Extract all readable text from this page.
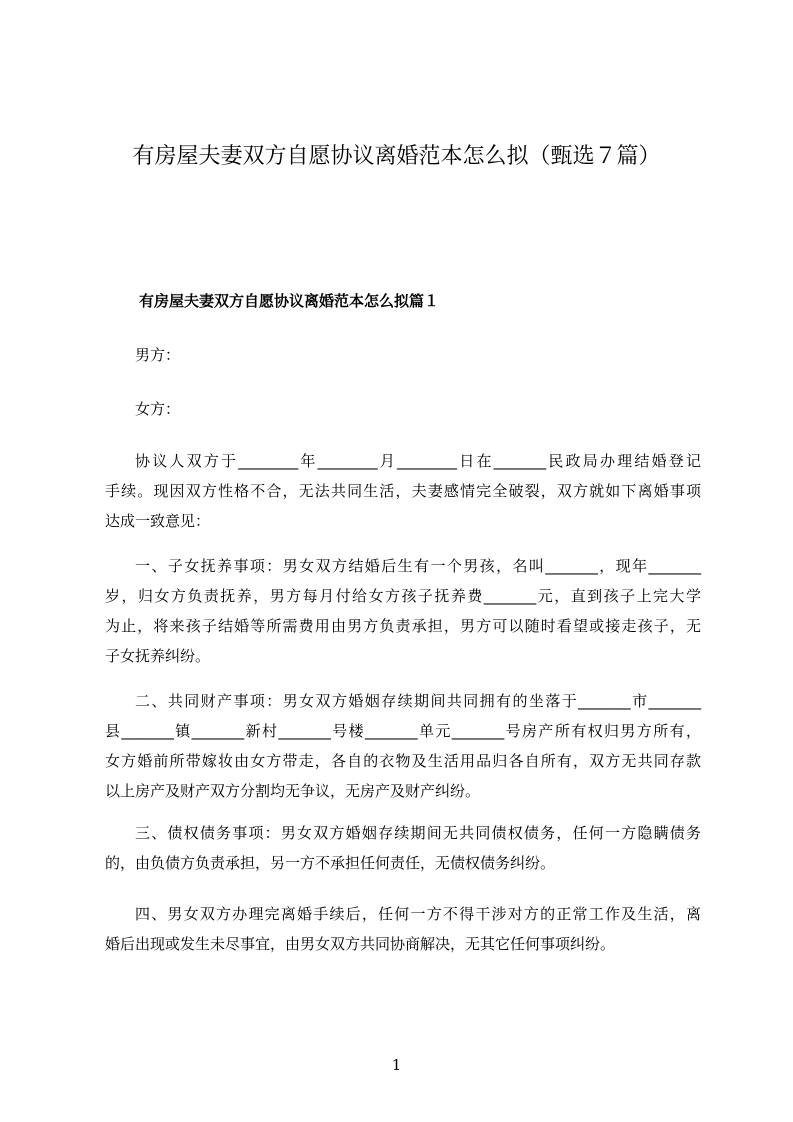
有房屋夫妻双方自愿协议离婚范本怎么拟（甄选７篇）
有房屋夫妻双方自愿协议离婚范本怎么拟篇１
男方：
女方：
协议人双方于________年________月________日在_______民政局办理结婚登记
手续。现因双方性格不合，无法共同生活，夫妻感情完全破裂，双方就如下离婚事项
达成一致意见：
一、子女抚养事项：男女双方结婚后生有一个男孩，名叫_______，现年_______
岁，归女方负责抚养，男方每月付给女方孩子抚养费_______元，直到孩子上完大学
为止，将来孩子结婚等所需费用由男方负责承担，男方可以随时看望或接走孩子，无
子女抚养纠纷。
二、共同财产事项：男女双方婚姻存续期间共同拥有的坐落于_______市_______
县_______镇_______新村_______号楼_______单元_______号房产所有权归男方所有，
女方婚前所带嫁妆由女方带走，各自的衣物及生活用品归各自所有，双方无共同存款
以上房产及财产双方分割均无争议，无房产及财产纠纷。
三、债权债务事项：男女双方婚姻存续期间无共同债权债务，任何一方隐瞒债务
的，由负债方负责承担，另一方不承担任何责任，无债权债务纠纷。
四、男女双方办理完离婚手续后，任何一方不得干涉对方的正常工作及生活，离
婚后出现或发生未尽事宜，由男女双方共同协商解决，无其它任何事项纠纷。
1
